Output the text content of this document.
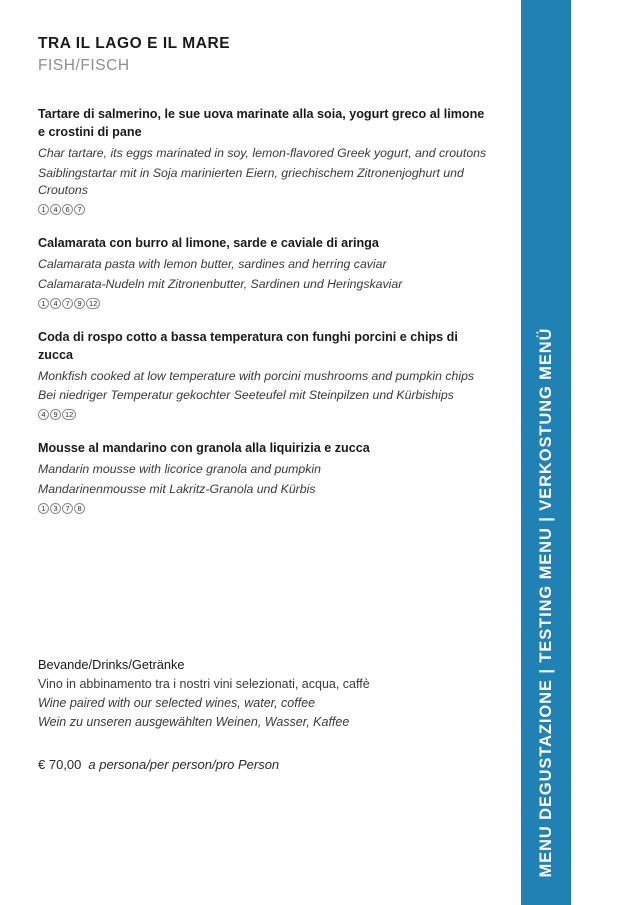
TRA IL LAGO E IL MARE
FISH/FISCH
Tartare di salmerino, le sue uova marinate alla soia, yogurt greco al limone e crostini di pane
Char tartare, its eggs marinated in soy, lemon-flavored Greek yogurt, and croutons
Saiblingstartar mit in Soja marinierten Eiern, griechischem Zitronenjoghurt und Croutons
1	4	6	7
Calamarata con burro al limone, sarde e caviale di aringa
Calamarata pasta with lemon butter, sardines and herring caviar
Calamarata-Nudeln mit Zitronenbutter, Sardinen und Heringskaviar
1	4	7	9	12
Coda di rospo cotto a bassa temperatura con funghi porcini e chips di zucca
Monkfish cooked at low temperature with porcini mushrooms and pumpkin chips
Bei niedriger Temperatur gekochter Seeteufel mit Steinpilzen und Kürbiships
4	9	12
Mousse al mandarino con granola alla liquirizia e zucca
Mandarin mousse with licorice granola and pumpkin
Mandarinenmousse mit Lakritz-Granola und Kürbis
1	3	7	8
Bevande/Drinks/Getränke
Vino in abbinamento tra i nostri vini selezionati, acqua, caffè
Wine paired with our selected wines, water, coffee
Wein zu unseren ausgewählten Weinen, Wasser, Kaffee
€ 70,00 a persona/per person/pro Person	MENU DEGUSTAZIONE | TESTING MENU | VERKOSTUNG MENÜ
